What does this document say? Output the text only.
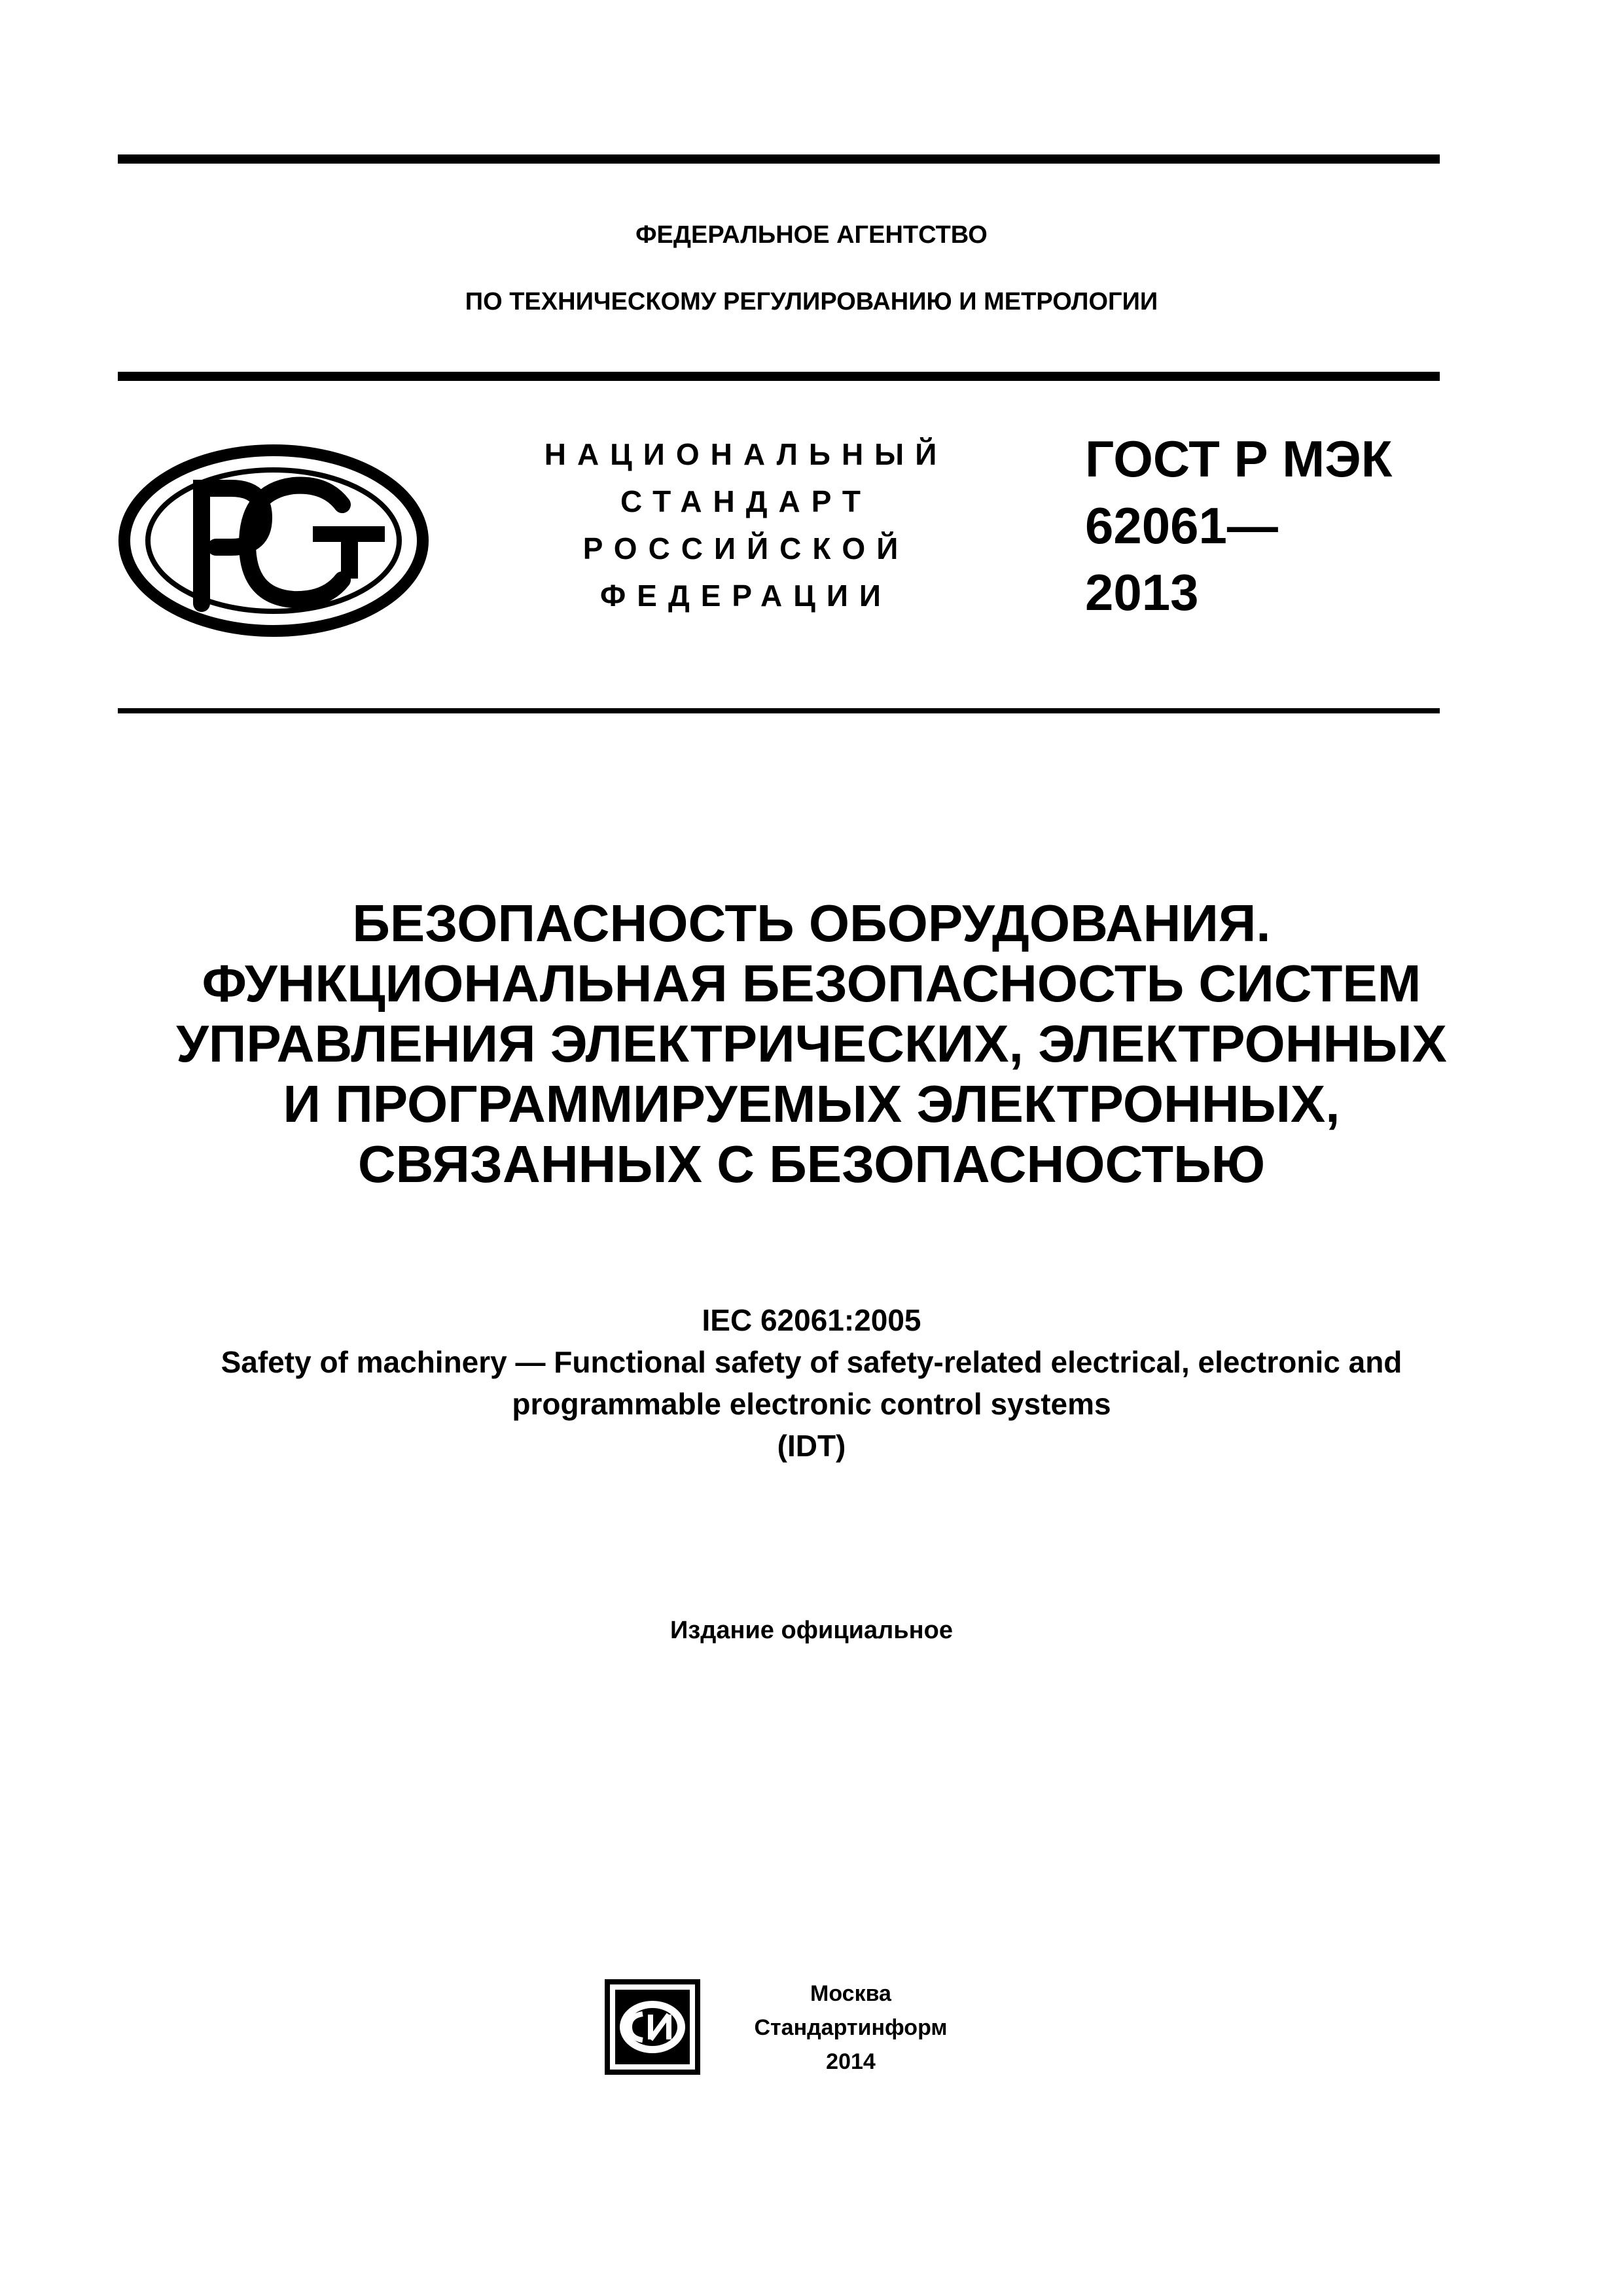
ФЕДЕРАЛЬНОЕ АГЕНТСТВО
ПО ТЕХНИЧЕСКОМУ РЕГУЛИРОВАНИЮ И МЕТРОЛОГИИ
НАЦИОНАЛЬНЫЙ
СТАНДАРТ
РОССИЙСКОЙ
ФЕДЕРАЦИИ
ГОСТ Р МЭК
62061—
2013
БЕЗОПАСНОСТЬ ОБОРУДОВАНИЯ.
ФУНКЦИОНАЛЬНАЯ БЕЗОПАСНОСТЬ СИСТЕМ
УПРАВЛЕНИЯ ЭЛЕКТРИЧЕСКИХ, ЭЛЕКТРОННЫХ
И ПРОГРАММИРУЕМЫХ ЭЛЕКТРОННЫХ,
СВЯЗАННЫХ С БЕЗОПАСНОСТЬЮ
IEC 62061:2005
Safety of machinery — Functional safety of safety-related electrical, electronic and
programmable electronic control systems
(IDT)
Издание официальное
Москва
Стандартинформ
2014
